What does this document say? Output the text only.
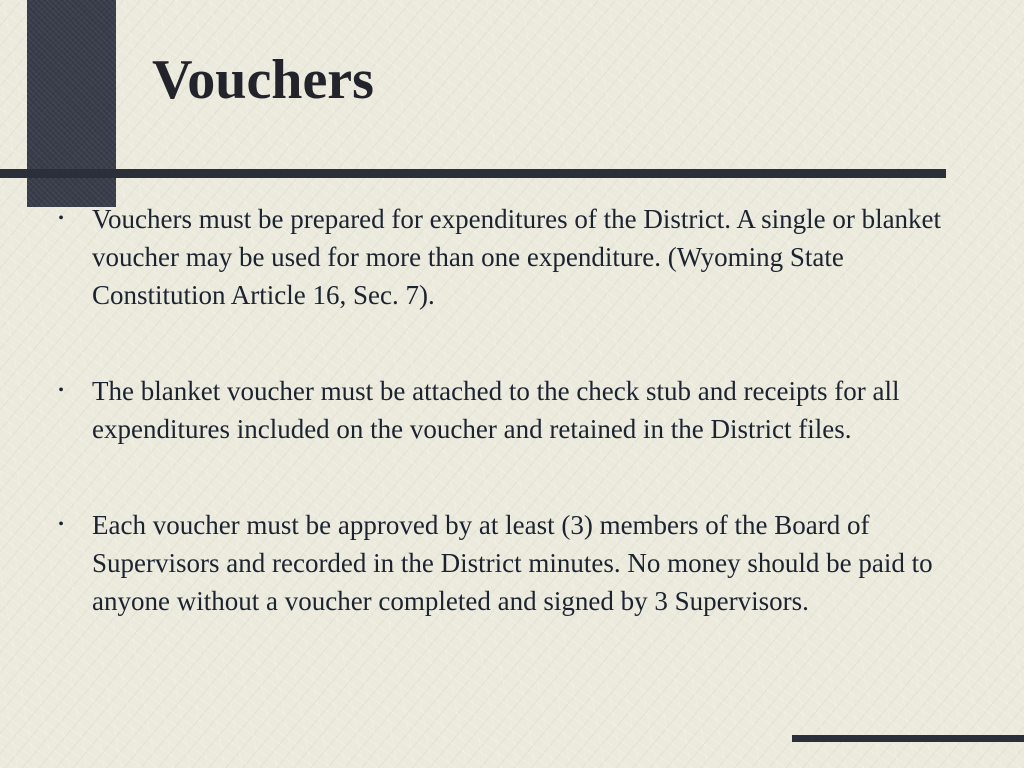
Vouchers
• Vouchers must be prepared for expenditures of the District. A single or blanket voucher may be used for more than one expenditure. (Wyoming State Constitution Article 16, Sec. 7).
• The blanket voucher must be attached to the check stub and receipts for all expenditures included on the voucher and retained in the District files.
• Each voucher must be approved by at least (3) members of the Board of Supervisors and recorded in the District minutes. No money should be paid to anyone without a voucher completed and signed by 3 Supervisors.
